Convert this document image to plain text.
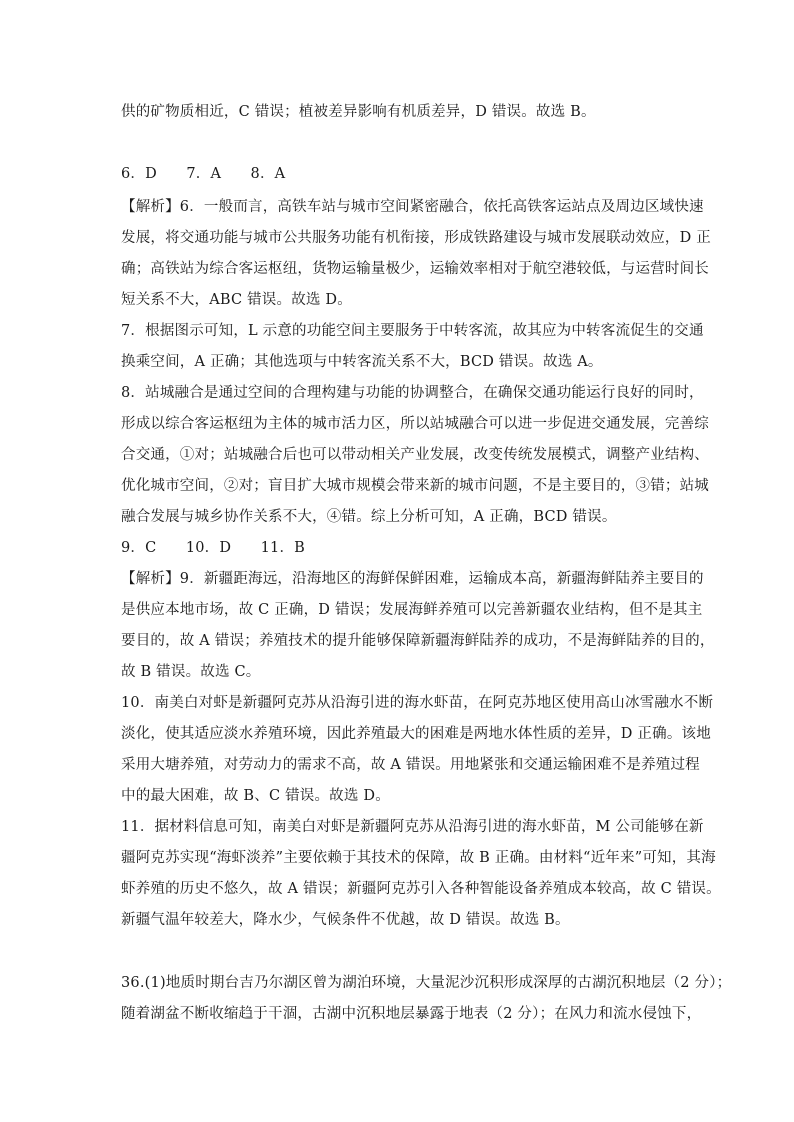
供的矿物质相近，C 错误；植被差异影响有机质差异，D 错误。故选 B。
6．D　　7．A　　8．A
【解析】6．一般而言，高铁车站与城市空间紧密融合，依托高铁客运站点及周边区域快速
发展，将交通功能与城市公共服务功能有机衔接，形成铁路建设与城市发展联动效应，D 正
确；高铁站为综合客运枢纽，货物运输量极少，运输效率相对于航空港较低，与运营时间长
短关系不大，ABC 错误。故选 D。
7．根据图示可知，L 示意的功能空间主要服务于中转客流，故其应为中转客流促生的交通
换乘空间，A 正确；其他选项与中转客流关系不大，BCD 错误。故选 A。
8．站城融合是通过空间的合理构建与功能的协调整合，在确保交通功能运行良好的同时，
形成以综合客运枢纽为主体的城市活力区，所以站城融合可以进一步促进交通发展，完善综
合交通，①对；站城融合后也可以带动相关产业发展，改变传统发展模式，调整产业结构、
优化城市空间，②对；盲目扩大城市规模会带来新的城市问题，不是主要目的，③错；站城
融合发展与城乡协作关系不大，④错。综上分析可知，A 正确，BCD 错误。
9．C　　10．D　　11．B
【解析】9．新疆距海远，沿海地区的海鲜保鲜困难，运输成本高，新疆海鲜陆养主要目的
是供应本地市场，故 C 正确，D 错误；发展海鲜养殖可以完善新疆农业结构，但不是其主
要目的，故 A 错误；养殖技术的提升能够保障新疆海鲜陆养的成功，不是海鲜陆养的目的，
故 B 错误。故选 C。
10．南美白对虾是新疆阿克苏从沿海引进的海水虾苗，在阿克苏地区使用高山冰雪融水不断
淡化，使其适应淡水养殖环境，因此养殖最大的困难是两地水体性质的差异，D 正确。该地
采用大塘养殖，对劳动力的需求不高，故 A 错误。用地紧张和交通运输困难不是养殖过程
中的最大困难，故 B、C 错误。故选 D。
11．据材料信息可知，南美白对虾是新疆阿克苏从沿海引进的海水虾苗，M 公司能够在新
疆阿克苏实现“海虾淡养”主要依赖于其技术的保障，故 B 正确。由材料“近年来”可知，其海
虾养殖的历史不悠久，故 A 错误；新疆阿克苏引入各种智能设备养殖成本较高，故 C 错误。
新疆气温年较差大，降水少，气候条件不优越，故 D 错误。故选 B。
36.(1)地质时期台吉乃尔湖区曾为湖泊环境，大量泥沙沉积形成深厚的古湖沉积地层（2 分）；
随着湖盆不断收缩趋于干涸，古湖中沉积地层暴露于地表（2 分）；在风力和流水侵蚀下，
